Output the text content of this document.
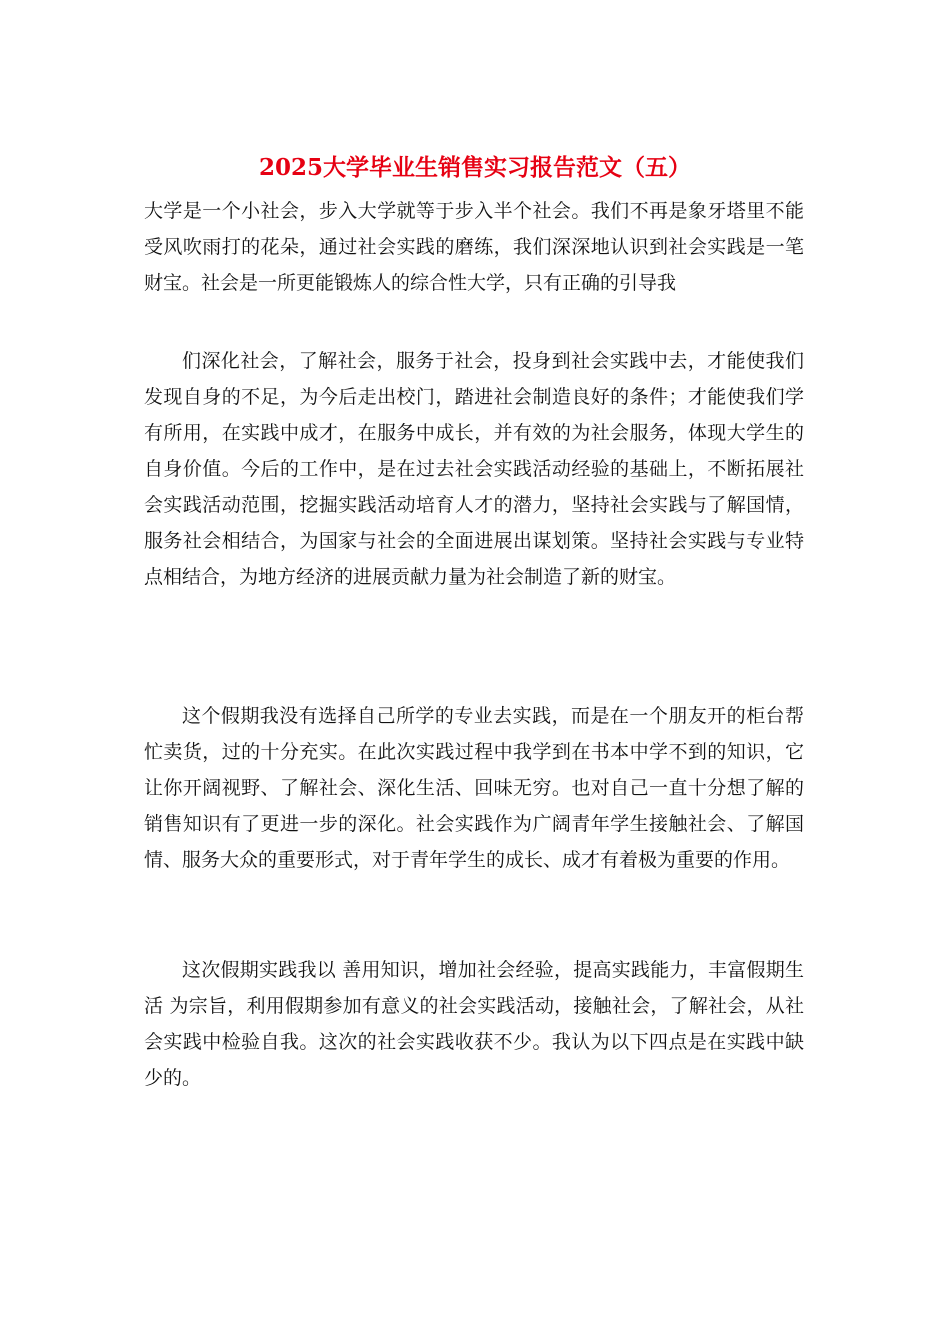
2025大学毕业生销售实习报告范文（五）

大学是一个小社会，步入大学就等于步入半个社会。我们不再是象牙塔里不能受风吹雨打的花朵，通过社会实践的磨练，我们深深地认识到社会实践是一笔财宝。社会是一所更能锻炼人的综合性大学，只有正确的引导我

们深化社会，了解社会，服务于社会，投身到社会实践中去，才能使我们发现自身的不足，为今后走出校门，踏进社会制造良好的条件；才能使我们学有所用，在实践中成才，在服务中成长，并有效的为社会服务，体现大学生的自身价值。今后的工作中，是在过去社会实践活动经验的基础上，不断拓展社会实践活动范围，挖掘实践活动培育人才的潜力，坚持社会实践与了解国情，服务社会相结合，为国家与社会的全面进展出谋划策。坚持社会实践与专业特点相结合，为地方经济的进展贡献力量为社会制造了新的财宝。

这个假期我没有选择自己所学的专业去实践，而是在一个朋友开的柜台帮忙卖货，过的十分充实。在此次实践过程中我学到在书本中学不到的知识，它让你开阔视野、了解社会、深化生活、回味无穷。也对自己一直十分想了解的销售知识有了更进一步的深化。社会实践作为广阔青年学生接触社会、了解国情、服务大众的重要形式，对于青年学生的成长、成才有着极为重要的作用。

这次假期实践我以 善用知识，增加社会经验，提高实践能力，丰富假期生活 为宗旨，利用假期参加有意义的社会实践活动，接触社会，了解社会，从社会实践中检验自我。这次的社会实践收获不少。我认为以下四点是在实践中缺少的。
